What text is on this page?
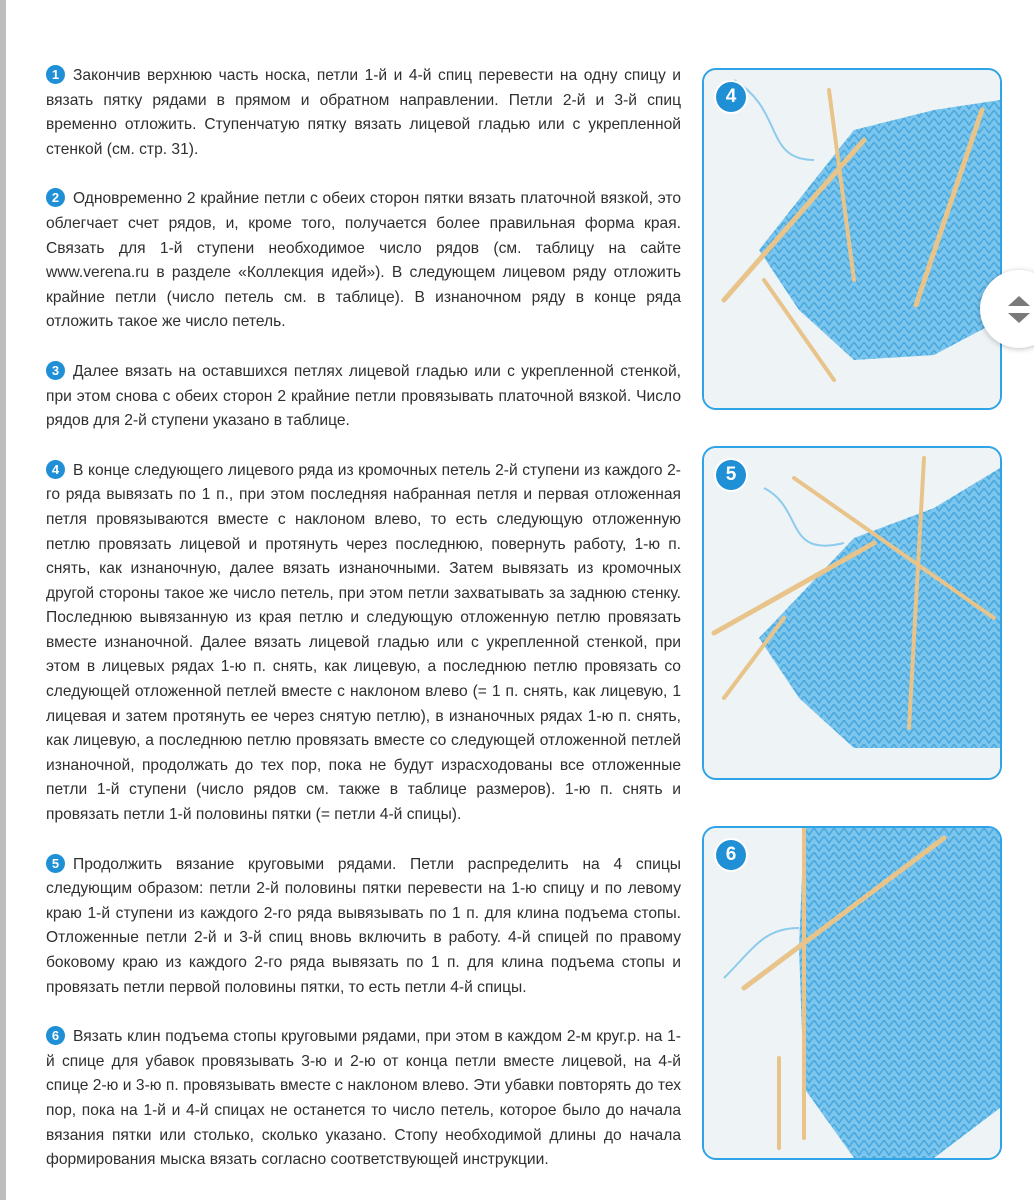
1 Закончив верхнюю часть носка, петли 1-й и 4-й спиц перевести на одну спицу и вязать пятку рядами в прямом и обратном направлении. Петли 2-й и 3-й спиц временно отложить. Ступенчатую пятку вязать лицевой гладью или с укрепленной стенкой (см. стр. 31).

2 Одновременно 2 крайние петли с обеих сторон пятки вязать платочной вязкой, это облегчает счет рядов, и, кроме того, получается более правильная форма края. Связать для 1-й ступени необходимое число рядов (см. таблицу на сайте www.verena.ru в разделе «Коллекция идей»). В следующем лицевом ряду отложить крайние петли (число петель см. в таблице). В изнаночном ряду в конце ряда отложить такое же число петель.

3 Далее вязать на оставшихся петлях лицевой гладью или с укрепленной стенкой, при этом снова с обеих сторон 2 крайние петли провязывать платочной вязкой. Число рядов для 2-й ступени указано в таблице.

4 В конце следующего лицевого ряда из кромочных петель 2-й ступени из каждого 2-го ряда вывязать по 1 п., при этом последняя набранная петля и первая отложенная петля провязываются вместе с наклоном влево, то есть следующую отложенную петлю провязать лицевой и протянуть через последнюю, повернуть работу, 1-ю п. снять, как изнаночную, далее вязать изнаночными. Затем вывязать из кромочных другой стороны такое же число петель, при этом петли захватывать за заднюю стенку. Последнюю вывязанную из края петлю и следующую отложенную петлю провязать вместе изнаночной. Далее вязать лицевой гладью или с укрепленной стенкой, при этом в лицевых рядах 1-ю п. снять, как лицевую, а последнюю петлю провязать со следующей отложенной петлей вместе с наклоном влево (= 1 п. снять, как лицевую, 1 лицевая и затем протянуть ее через снятую петлю), в изнаночных рядах 1-ю п. снять, как лицевую, а последнюю петлю провязать вместе со следующей отложенной петлей изнаночной, продолжать до тех пор, пока не будут израсходованы все отложенные петли 1-й ступени (число рядов см. также в таблице размеров). 1-ю п. снять и провязать петли 1-й половины пятки (= петли 4-й спицы).

5 Продолжить вязание круговыми рядами. Петли распределить на 4 спицы следующим образом: петли 2-й половины пятки перевести на 1-ю спицу и по левому краю 1-й ступени из каждого 2-го ряда вывязывать по 1 п. для клина подъема стопы. Отложенные петли 2-й и 3-й спиц вновь включить в работу. 4-й спицей по правому боковому краю из каждого 2-го ряда вывязать по 1 п. для клина подъема стопы и провязать петли первой половины пятки, то есть петли 4-й спицы.

6 Вязать клин подъема стопы круговыми рядами, при этом в каждом 2-м круг.р. на 1-й спице для убавок провязывать 3-ю и 2-ю от конца петли вместе лицевой, на 4-й спице 2-ю и 3-ю п. провязывать вместе с наклоном влево. Эти убавки повторять до тех пор, пока на 1-й и 4-й спицах не останется то число петель, которое было до начала вязания пятки или столько, сколько указано. Стопу необходимой длины до начала формирования мыска вязать согласно соответствующей инструкции.

4
5
6
